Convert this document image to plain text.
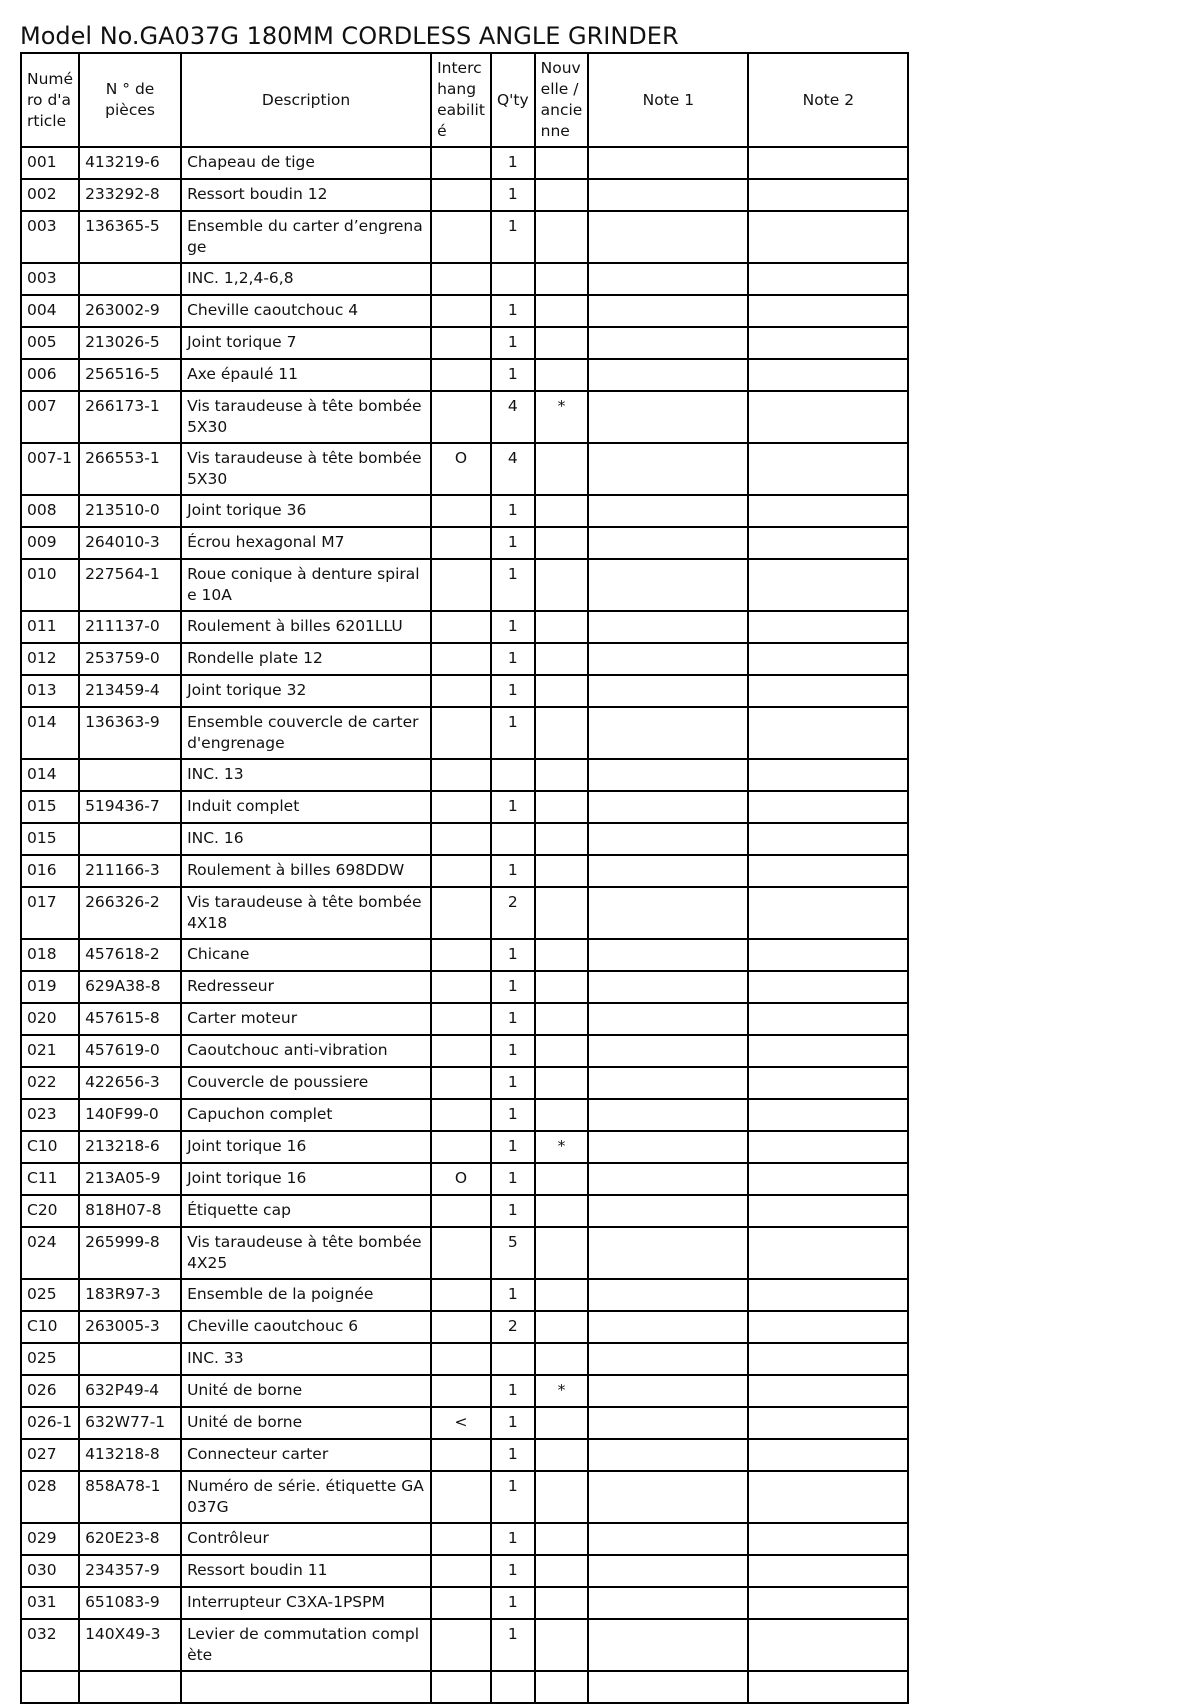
Model No.GA037G 180MM CORDLESS ANGLE GRINDER
Numé ro d'a rticle	N ° de pièces	Description	Interc hang eabilit é	Q'ty	Nouv elle / ancie nne	Note 1	Note 2
001	413219-6	Chapeau de tige		1			
002	233292-8	Ressort boudin 12		1			
003	136365-5	Ensemble du carter d’engrenage		1			
003		INC. 1,2,4-6,8					
004	263002-9	Cheville caoutchouc 4		1			
005	213026-5	Joint torique 7		1			
006	256516-5	Axe épaulé 11		1			
007	266173-1	Vis taraudeuse à tête bombée 5X30		4	*		
007-1	266553-1	Vis taraudeuse à tête bombée 5X30	O	4			
008	213510-0	Joint torique 36		1			
009	264010-3	Écrou hexagonal M7		1			
010	227564-1	Roue conique à denture spirale 10A		1			
011	211137-0	Roulement à billes 6201LLU		1			
012	253759-0	Rondelle plate 12		1			
013	213459-4	Joint torique 32		1			
014	136363-9	Ensemble couvercle de carter d'engrenage		1			
014		INC. 13					
015	519436-7	Induit complet		1			
015		INC. 16					
016	211166-3	Roulement à billes 698DDW		1			
017	266326-2	Vis taraudeuse à tête bombée 4X18		2			
018	457618-2	Chicane		1			
019	629A38-8	Redresseur		1			
020	457615-8	Carter moteur		1			
021	457619-0	Caoutchouc anti-vibration		1			
022	422656-3	Couvercle de poussiere		1			
023	140F99-0	Capuchon complet		1			
C10	213218-6	Joint torique 16		1	*		
C11	213A05-9	Joint torique 16	O	1			
C20	818H07-8	Étiquette cap		1			
024	265999-8	Vis taraudeuse à tête bombée 4X25		5			
025	183R97-3	Ensemble de la poignée		1			
C10	263005-3	Cheville caoutchouc 6		2			
025		INC. 33					
026	632P49-4	Unité de borne		1	*		
026-1	632W77-1	Unité de borne	<	1			
027	413218-8	Connecteur carter		1			
028	858A78-1	Numéro de série. étiquette GA037G		1			
029	620E23-8	Contrôleur		1			
030	234357-9	Ressort boudin 11		1			
031	651083-9	Interrupteur C3XA-1PSPM		1			
032	140X49-3	Levier de commutation complète		1			
